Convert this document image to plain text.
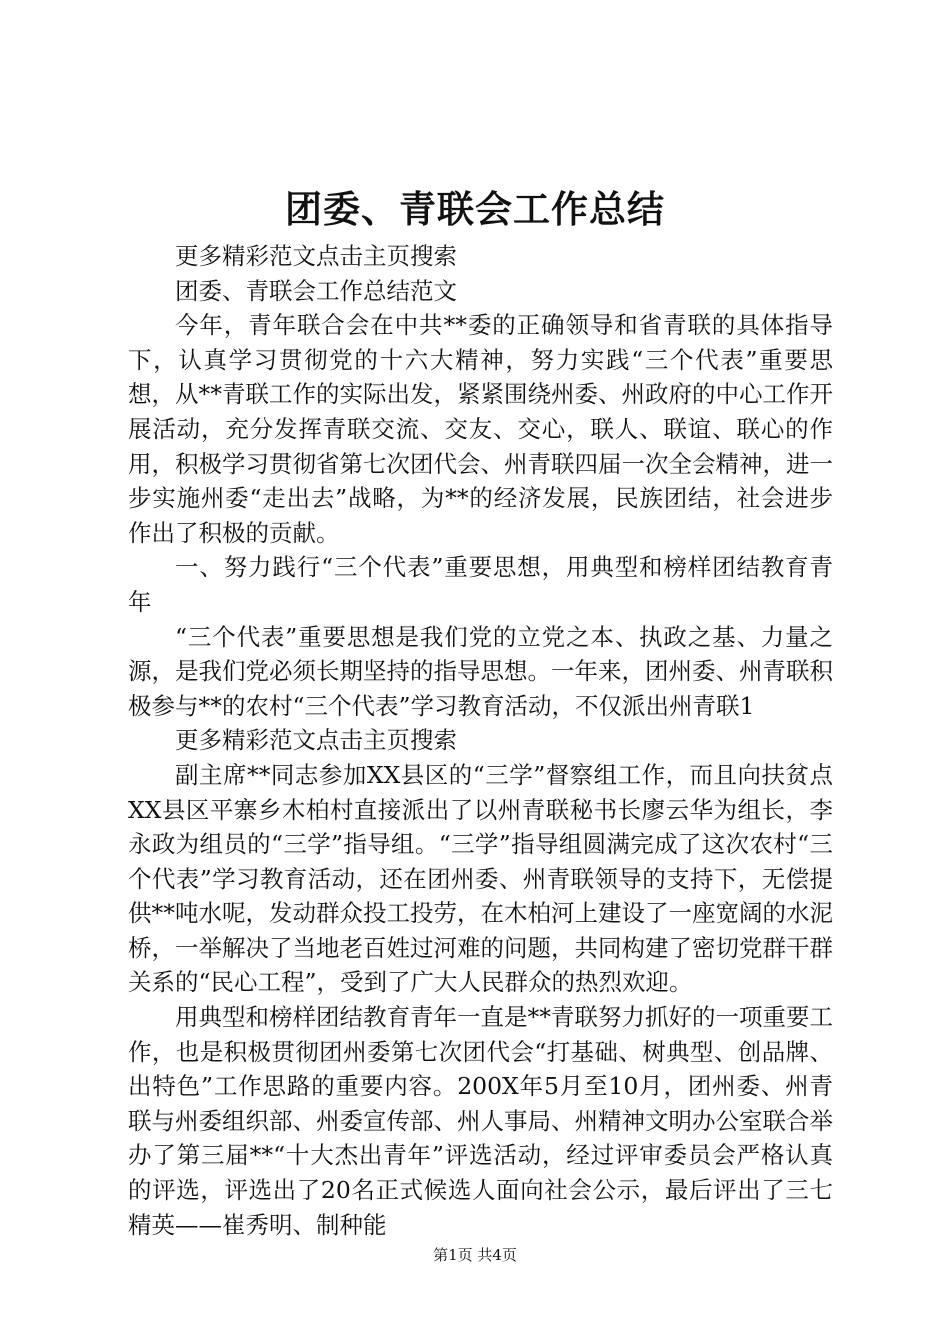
团委、青联会工作总结

更多精彩范文点击主页搜索

团委、青联会工作总结范文

今年，青年联合会在中共**委的正确领导和省青联的具体指导下，认真学习贯彻党的十六大精神，努力实践“三个代表”重要思想，从**青联工作的实际出发，紧紧围绕州委、州政府的中心工作开展活动，充分发挥青联交流、交友、交心，联人、联谊、联心的作用，积极学习贯彻省第七次团代会、州青联四届一次全会精神，进一步实施州委“走出去”战略，为**的经济发展，民族团结，社会进步作出了积极的贡献。

一、努力践行“三个代表”重要思想，用典型和榜样团结教育青年

“三个代表”重要思想是我们党的立党之本、执政之基、力量之源，是我们党必须长期坚持的指导思想。一年来，团州委、州青联积极参与**的农村“三个代表”学习教育活动，不仅派出州青联1

更多精彩范文点击主页搜索

副主席**同志参加XX县区的“三学”督察组工作，而且向扶贫点XX县区平寨乡木柏村直接派出了以州青联秘书长廖云华为组长，李永政为组员的“三学”指导组。“三学”指导组圆满完成了这次农村“三个代表”学习教育活动，还在团州委、州青联领导的支持下，无偿提供**吨水呢，发动群众投工投劳，在木柏河上建设了一座宽阔的水泥桥，一举解决了当地老百姓过河难的问题，共同构建了密切党群干群关系的“民心工程”，受到了广大人民群众的热烈欢迎。

用典型和榜样团结教育青年一直是**青联努力抓好的一项重要工作，也是积极贯彻团州委第七次团代会“打基础、树典型、创品牌、出特色”工作思路的重要内容。200X年5月至10月，团州委、州青联与州委组织部、州委宣传部、州人事局、州精神文明办公室联合举办了第三届**“十大杰出青年”评选活动，经过评审委员会严格认真的评选，评选出了20名正式候选人面向社会公示，最后评出了三七精英——崔秀明、制种能

第1页 共4页
